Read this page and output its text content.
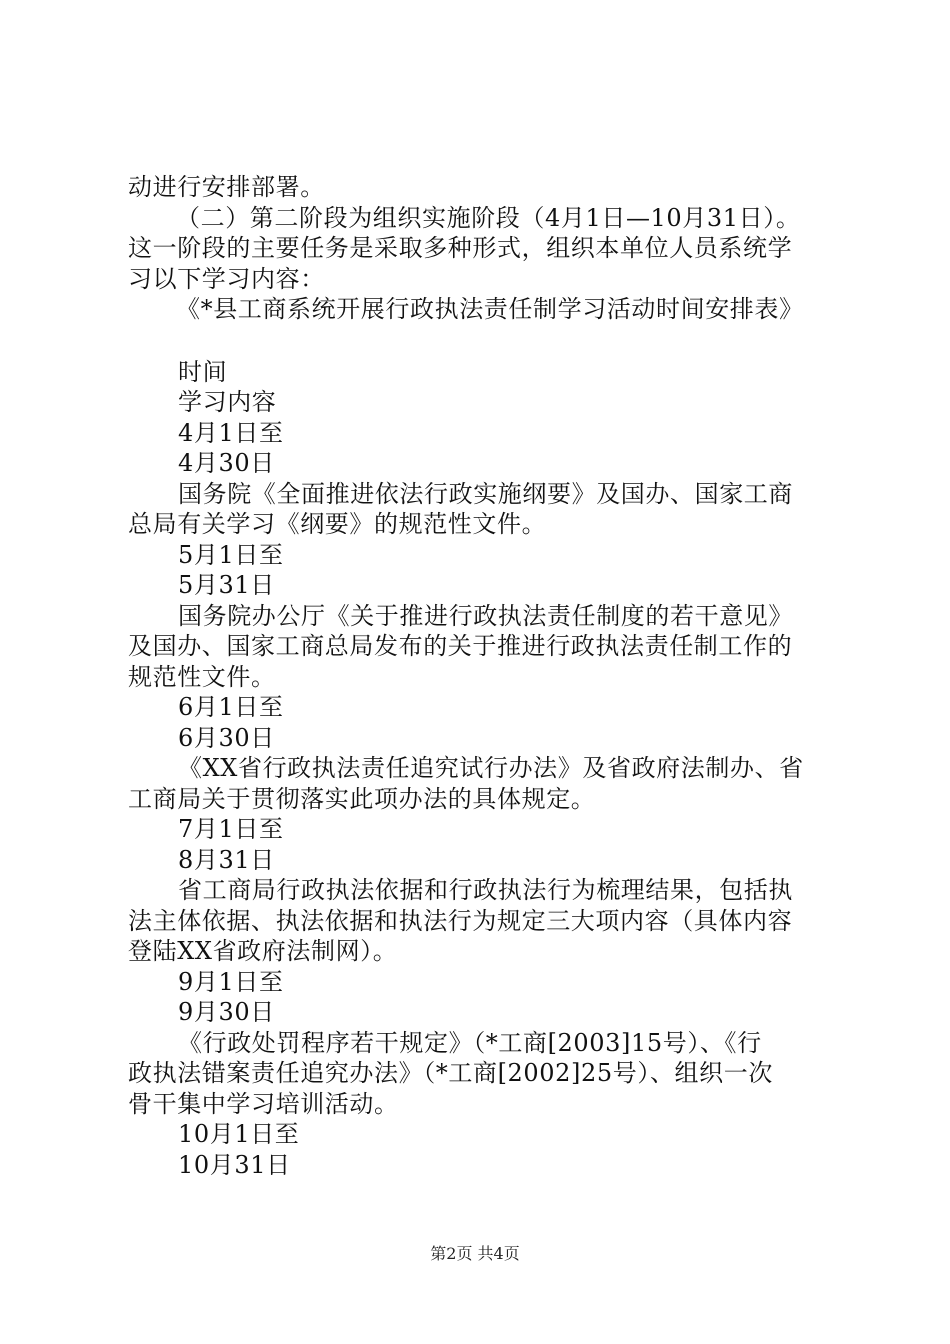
动进行安排部署。
（二）第二阶段为组织实施阶段（4月1日—10月31日）。
这一阶段的主要任务是采取多种形式，组织本单位人员系统学
习以下学习内容：
《*县工商系统开展行政执法责任制学习活动时间安排表》
时间
学习内容
4月1日至
4月30日
国务院《全面推进依法行政实施纲要》及国办、国家工商
总局有关学习《纲要》的规范性文件。
5月1日至
5月31日
国务院办公厅《关于推进行政执法责任制度的若干意见》
及国办、国家工商总局发布的关于推进行政执法责任制工作的
规范性文件。
6月1日至
6月30日
《XX省行政执法责任追究试行办法》及省政府法制办、省
工商局关于贯彻落实此项办法的具体规定。
7月1日至
8月31日
省工商局行政执法依据和行政执法行为梳理结果，包括执
法主体依据、执法依据和执法行为规定三大项内容（具体内容
登陆XX省政府法制网）。
9月1日至
9月30日
《行政处罚程序若干规定》（*工商[2003]15号）、《行
政执法错案责任追究办法》（*工商[2002]25号）、组织一次
骨干集中学习培训活动。
10月1日至
10月31日
第2页 共4页
